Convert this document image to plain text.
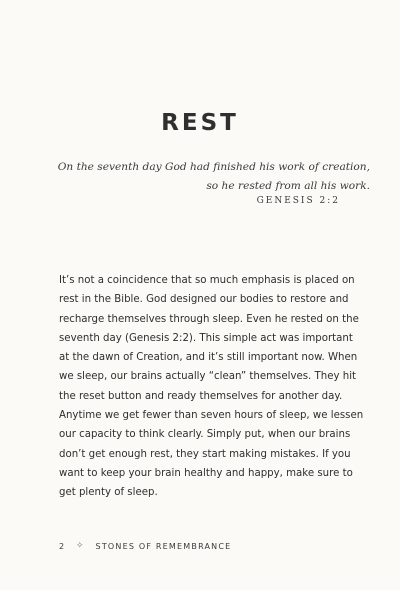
REST
On the seventh day God had finished his work of creation,
so he rested from all his work.
GENESIS 2:2
It’s not a coincidence that so much emphasis is placed on
rest in the Bible. God designed our bodies to restore and
recharge themselves through sleep. Even he rested on the
seventh day (Genesis 2:2). This simple act was important
at the dawn of Creation, and it’s still important now. When
we sleep, our brains actually “clean” themselves. They hit
the reset button and ready themselves for another day.
Anytime we get fewer than seven hours of sleep, we lessen
our capacity to think clearly. Simply put, when our brains
don’t get enough rest, they start making mistakes. If you
want to keep your brain healthy and happy, make sure to
get plenty of sleep.
2 ✧ STONES OF REMEMBRANCE
